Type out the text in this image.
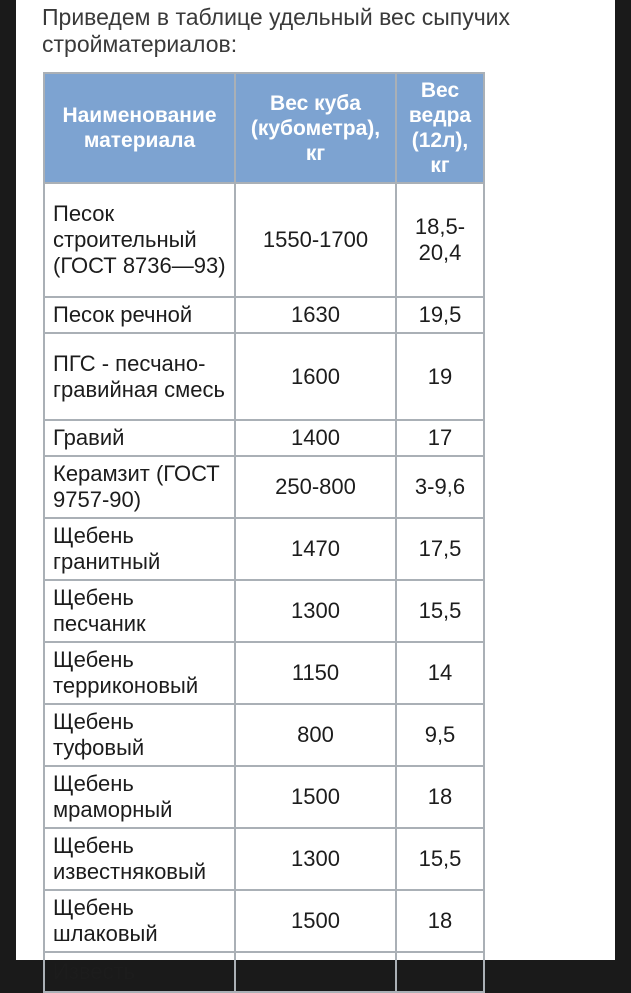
Приведем в таблице удельный вес сыпучих стройматериалов:

Наименование материала	Вес куба (кубометра), кг	Вес ведра (12л), кг
Песок строительный (ГОСТ 8736—93)	1550-1700	18,5-20,4
Песок речной	1630	19,5
ПГС - песчано-гравийная смесь	1600	19
Гравий	1400	17
Керамзит (ГОСТ 9757-90)	250-800	3-9,6
Щебень гранитный	1470	17,5
Щебень песчаник	1300	15,5
Щебень терриконовый	1150	14
Щебень туфовый	800	9,5
Щебень мраморный	1500	18
Щебень известняковый	1300	15,5
Щебень шлаковый	1500	18
Известь		
